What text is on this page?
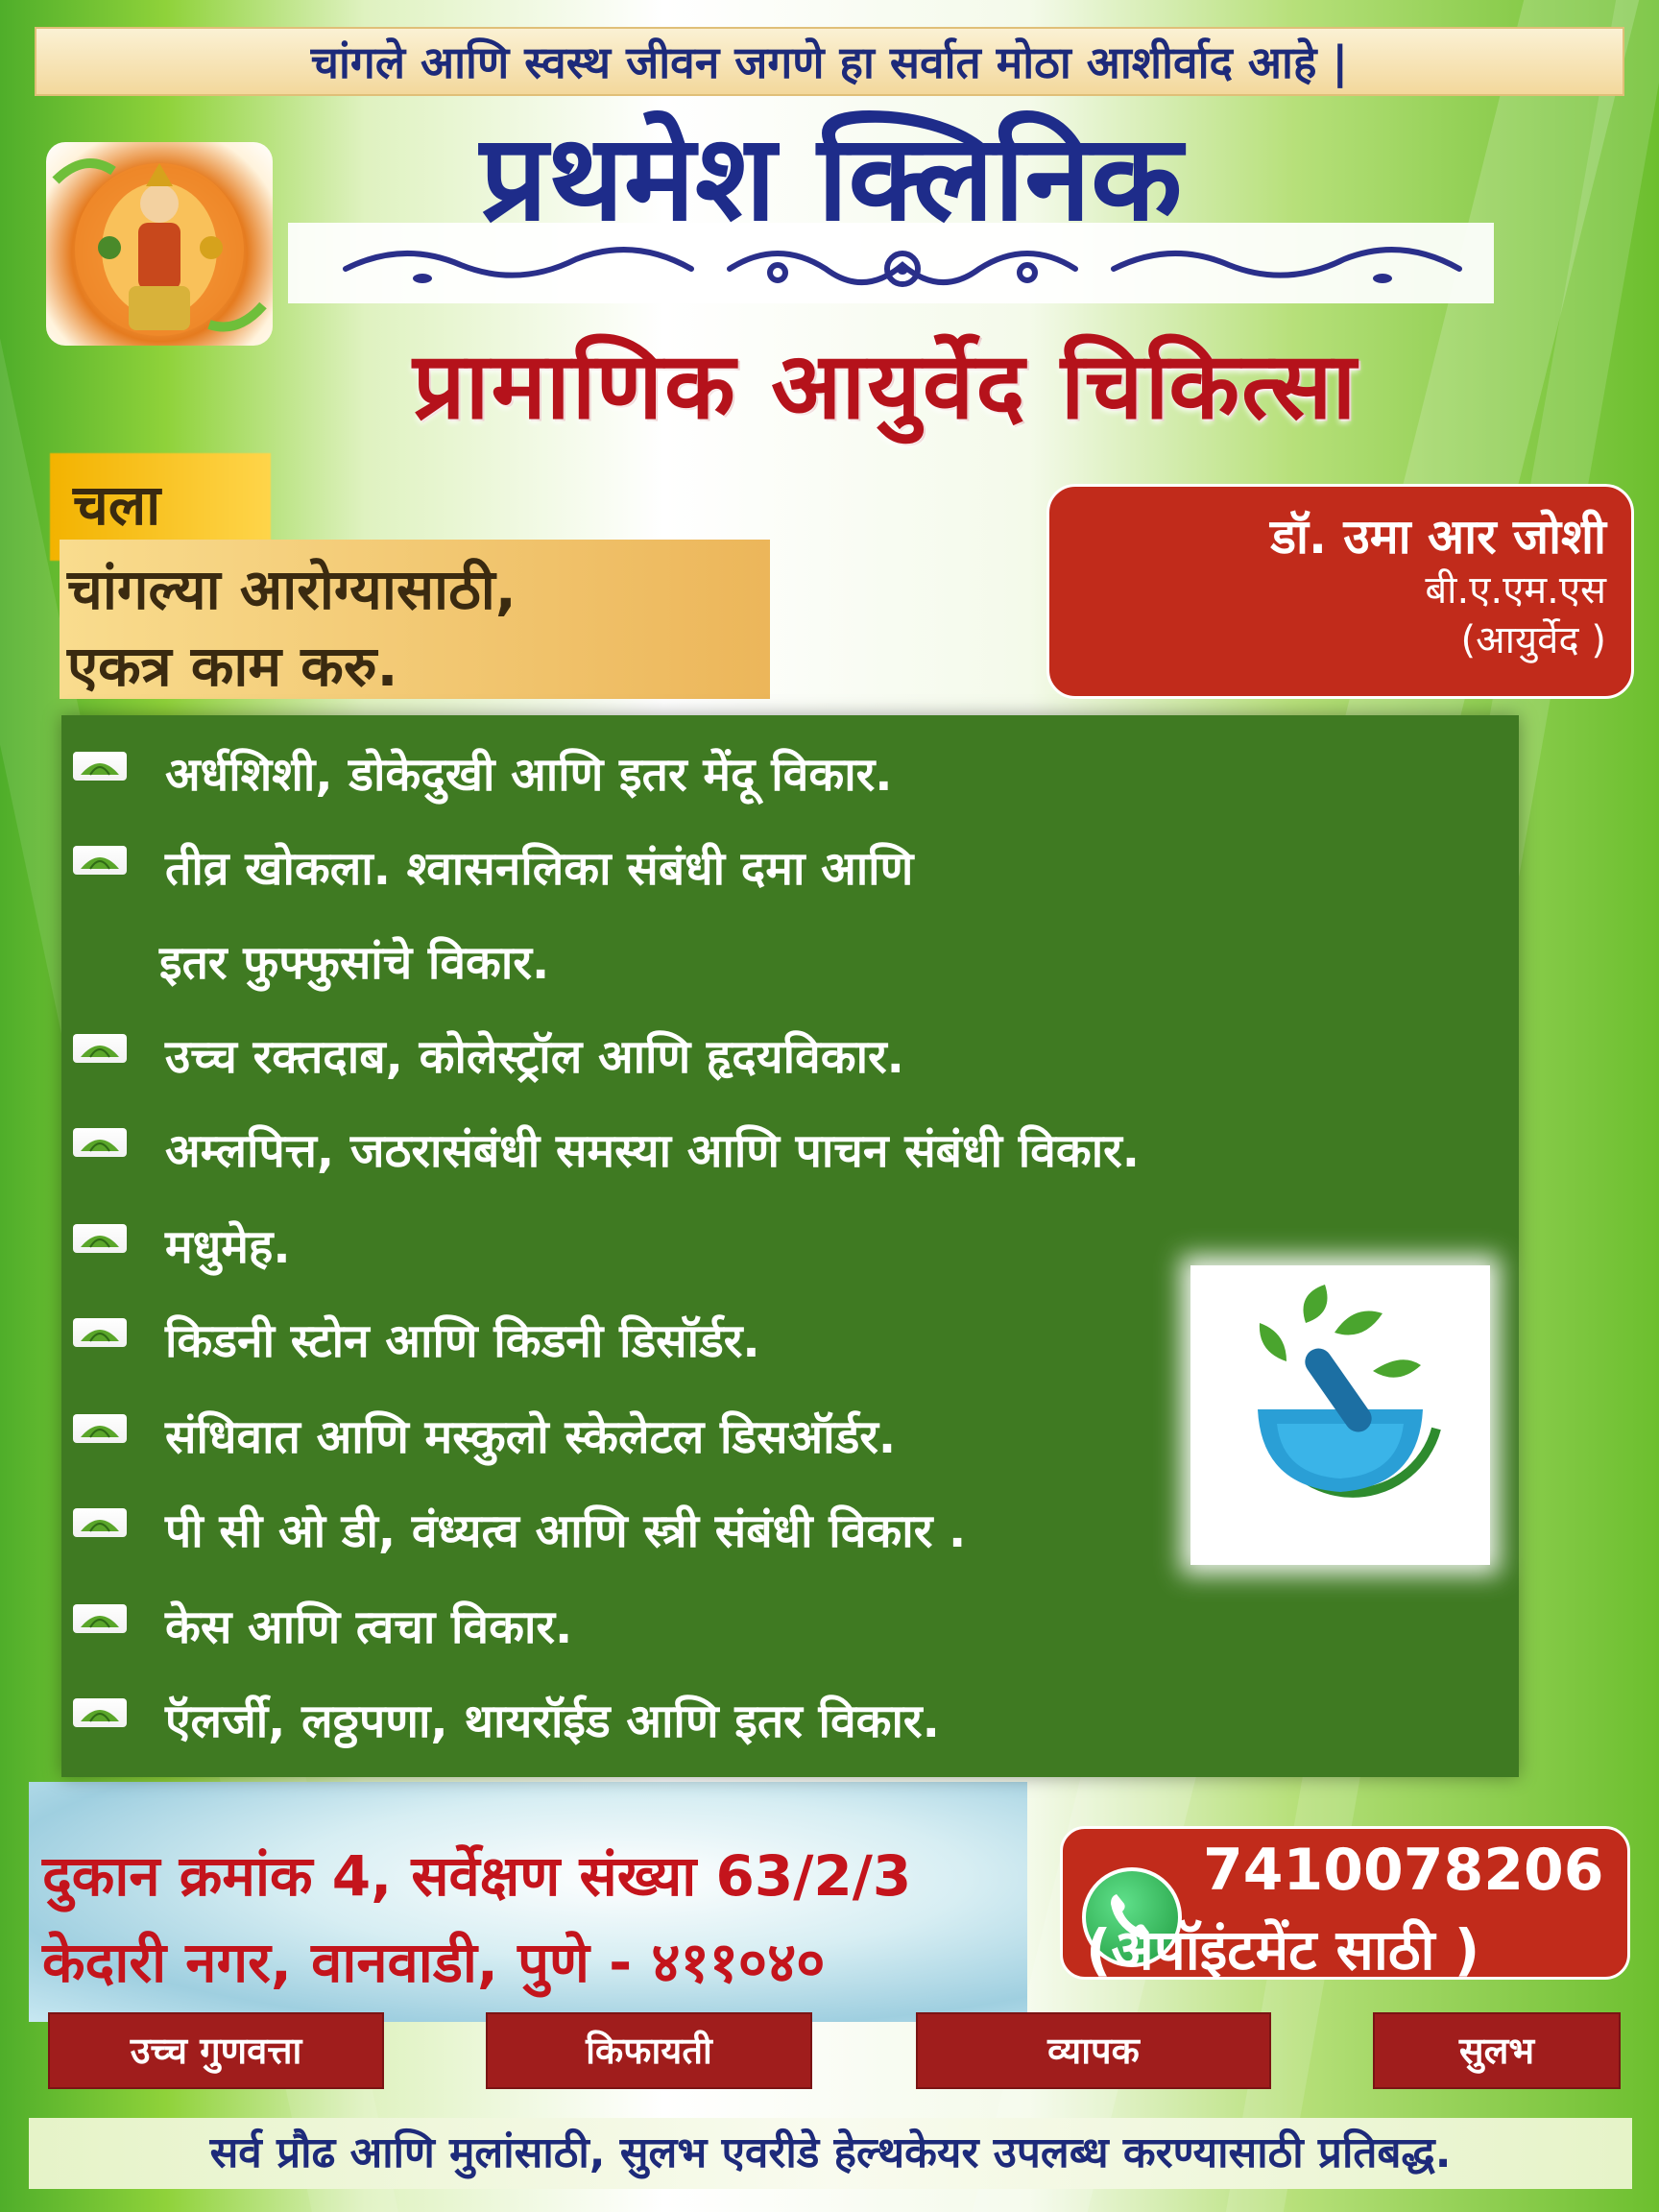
चांगले आणि स्वस्थ जीवन जगणे हा सर्वात मोठा आशीर्वाद आहे |
प्रथमेश क्लिनिक
प्रामाणिक आयुर्वेद चिकित्सा
चला
चांगल्या आरोग्यासाठी,
एकत्र काम करु.
डॉ. उमा आर जोशी
बी.ए.एम.एस
(आयुर्वेद )
अर्धशिशी, डोकेदुखी आणि इतर मेंदू विकार.
तीव्र खोकला. श्वासनलिका संबंधी दमा आणि
इतर फुफ्फुसांचे विकार.
उच्च रक्तदाब, कोलेस्ट्रॉल आणि हृदयविकार.
अम्लपित्त, जठरासंबंधी समस्या आणि पाचन संबंधी विकार.
मधुमेह.
किडनी स्टोन आणि किडनी डिसॉर्डर.
संधिवात आणि मस्कुलो स्केलेटल डिसऑर्डर.
पी सी ओ डी, वंध्यत्व आणि स्त्री संबंधी विकार .
केस आणि त्वचा विकार.
ऍलर्जी, लठ्ठपणा, थायरॉईड आणि इतर विकार.
दुकान क्रमांक 4, सर्वेक्षण संख्या 63/2/3
केदारी नगर, वानवाडी, पुणे - ४११०४०
7410078206
(अपॉइंटमेंट साठी )
उच्च गुणवत्ता	किफायती	व्यापक	सुलभ
सर्व प्रौढ आणि मुलांसाठी, सुलभ एवरीडे हेल्थकेयर उपलब्ध करण्यासाठी प्रतिबद्ध.
